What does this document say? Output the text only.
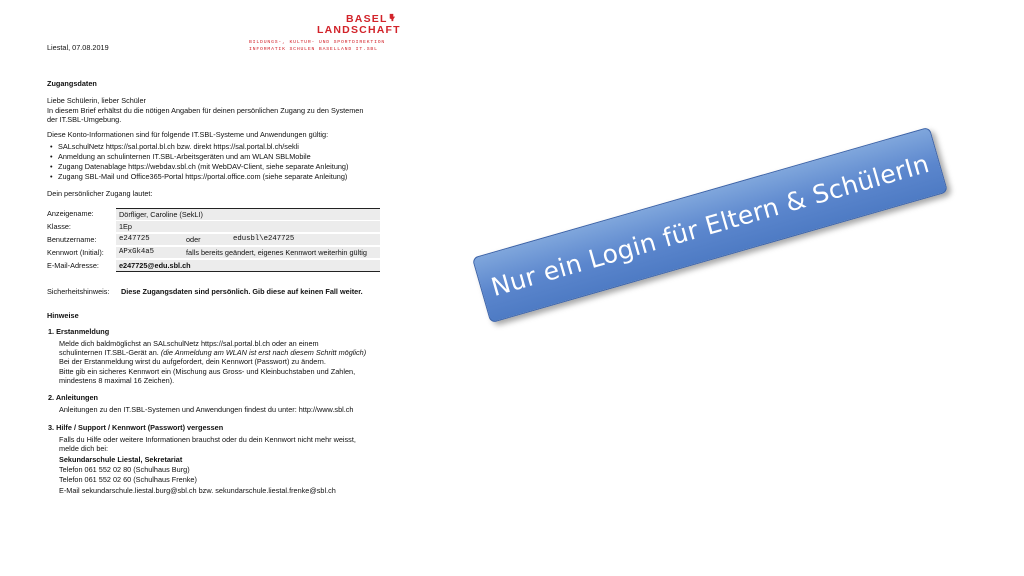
Liestal, 07.08.2019
BASEL
LANDSCHAFT
BILDUNGS-, KULTUR- UND SPORTDIREKTION
INFORMATIK SCHULEN BASELLAND IT.SBL
Zugangsdaten
Liebe Schülerin, lieber Schüler
In diesem Brief erhältst du die nötigen Angaben für deinen persönlichen Zugang zu den Systemen
der IT.SBL-Umgebung.
Diese Konto-Informationen sind für folgende IT.SBL-Systeme und Anwendungen gültig:
• SALschulNetz https://sal.portal.bl.ch bzw. direkt https://sal.portal.bl.ch/sekli
• Anmeldung an schulinternen IT.SBL-Arbeitsgeräten und am WLAN SBLMobile
• Zugang Datenablage https://webdav.sbl.ch (mit WebDAV-Client, siehe separate Anleitung)
• Zugang SBL-Mail und Office365-Portal https://portal.office.com (siehe separate Anleitung)
Dein persönlicher Zugang lautet:
Anzeigename:	Dörfliger, Caroline (SekLI)
Klasse:	1Ep
Benutzername:	e247725	oder	edusbl\e247725
Kennwort (Initial): APxGk4a5	falls bereits geändert, eigenes Kennwort weiterhin gültig
E-Mail-Adresse:	e247725@edu.sbl.ch
Sicherheitshinweis: Diese Zugangsdaten sind persönlich. Gib diese auf keinen Fall weiter.
Hinweise
1. Erstanmeldung
Melde dich baldmöglichst an SALschulNetz https://sal.portal.bl.ch oder an einem
schulinternen IT.SBL-Gerät an. (die Anmeldung am WLAN ist erst nach diesem Schritt möglich)
Bei der Erstanmeldung wirst du aufgefordert, dein Kennwort (Passwort) zu ändern.
Bitte gib ein sicheres Kennwort ein (Mischung aus Gross- und Kleinbuchstaben und Zahlen,
mindestens 8 maximal 16 Zeichen).
2. Anleitungen
Anleitungen zu den IT.SBL-Systemen und Anwendungen findest du unter: http://www.sbl.ch
3. Hilfe / Support / Kennwort (Passwort) vergessen
Falls du Hilfe oder weitere Informationen brauchst oder du dein Kennwort nicht mehr weisst,
melde dich bei:
Sekundarschule Liestal, Sekretariat
Telefon 061 552 02 80 (Schulhaus Burg)
Telefon 061 552 02 60 (Schulhaus Frenke)
E-Mail sekundarschule.liestal.burg@sbl.ch bzw. sekundarschule.liestal.frenke@sbl.ch
Nur ein Login für Eltern & SchülerIn
